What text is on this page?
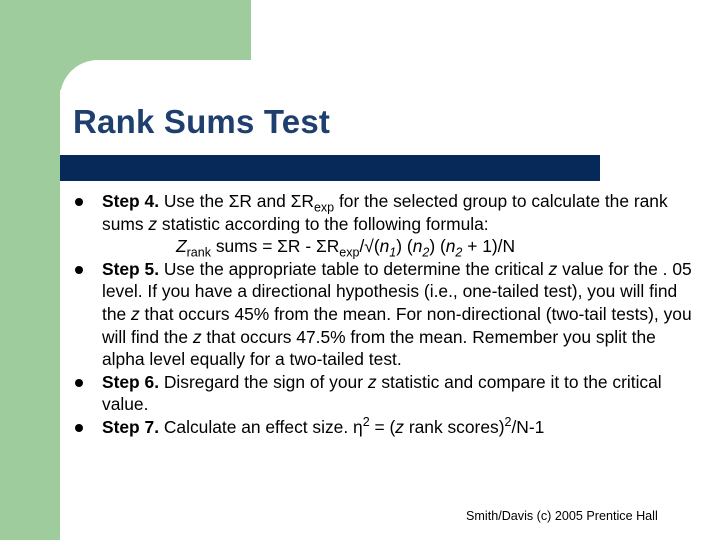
Rank Sums Test
Step 4. Use the ΣR and $\Sigma R_{exp}$ for the selected group to calculate the rank sums z statistic according to the following formula:
$Z_{rank}$ sums = ΣR - $\Sigma R_{exp}/√(n_1)$ $(n_2) (n_2 + 1)/N$
Step 5. Use the appropriate table to determine the critical z value for the . 05 level. If you have a directional hypothesis (i.e., one-tailed test), you will find the z that occurs 45% from the mean. For non-directional (two-tail tests), you will find the z that occurs 47.5% from the mean. Remember you split the alpha level equally for a two-tailed test.
Step 6. Disregard the sign of your z statistic and compare it to the critical value.
Step 7. Calculate an effect size. $\eta^2 = (z$ rank scores)$^2$/N-1
Smith/Davis (c) 2005 Prentice Hall
